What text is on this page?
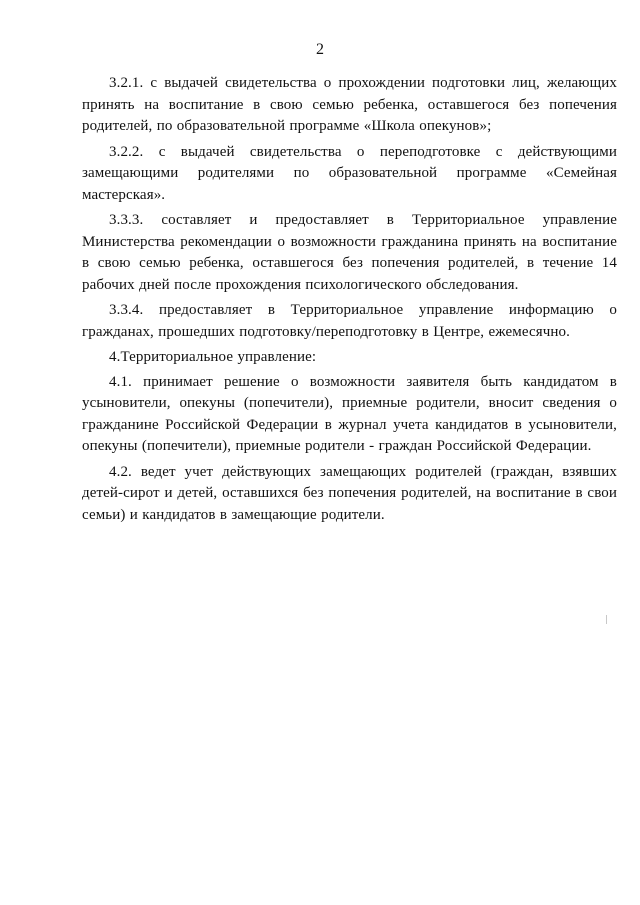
2

3.2.1. с выдачей свидетельства о прохождении подготовки лиц, желающих принять на воспитание в свою семью ребенка, оставшегося без попечения родителей, по образовательной программе «Школа опекунов»;

3.2.2. с выдачей свидетельства о переподготовке с действующими замещающими родителями по образовательной программе «Семейная мастерская».

3.3.3. составляет и предоставляет в Территориальное управление Министерства рекомендации о возможности гражданина принять на воспитание в свою семью ребенка, оставшегося без попечения родителей, в течение 14 рабочих дней после прохождения психологического обследования.

3.3.4. предоставляет в Территориальное управление информацию о гражданах, прошедших подготовку/переподготовку в Центре, ежемесячно.

4.Территориальное управление:

4.1. принимает решение о возможности заявителя быть кандидатом в усыновители, опекуны (попечители), приемные родители, вносит сведения о гражданине Российской Федерации в журнал учета кандидатов в усыновители, опекуны (попечители), приемные родители - граждан Российской Федерации.

4.2. ведет учет действующих замещающих родителей (граждан, взявших детей-сирот и детей, оставшихся без попечения родителей, на воспитание в свои семьи) и кандидатов в замещающие родители.
